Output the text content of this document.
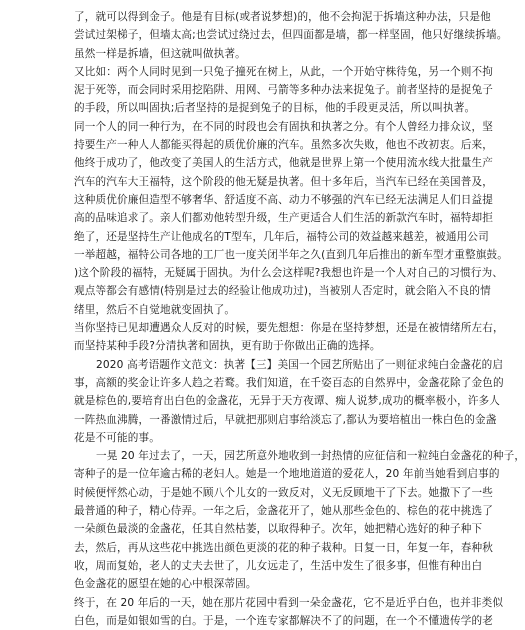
了，就可以得到金子。他是有目标(或者说梦想)的，他不会拘泥于拆墙这种办法，只是他
尝试过架梯子，但墙太高;也尝试过绕过去，但四面都是墙，都一样坚固，他只好继续拆墙。
虽然一样是拆墙，但这就叫做执著。
又比如：两个人同时见到一只兔子撞死在树上，从此，一个开始守株待兔，另一个则不拘
泥于死等，而会同时采用挖陷阱、用网、弓箭等多种办法来捉兔子。前者坚持的是捉兔子
的手段，所以叫固执;后者坚持的是捉到兔子的目标，他的手段更灵活，所以叫执著。
同一个人的同一种行为，在不同的时段也会有固执和执著之分。有个人曾经力排众议，坚
持要生产一种人人都能买得起的质优价廉的汽车。虽然多次失败，他也不改初衷。后来，
他终于成功了，他改变了美国人的生活方式，他就是世界上第一个使用流水线大批量生产
汽车的汽车大王福特，这个阶段的他无疑是执著。但十多年后，当汽车已经在美国普及，
这种质优价廉但造型不够奢华、舒适度不高、动力不够强的汽车已经无法满足人们日益提
高的品味追求了。亲人们都劝他转型升级，生产更适合人们生活的新款汽车时，福特却拒
绝了，还是坚持生产让他成名的T型车，几年后，福特公司的效益越来越差，被通用公司
一举超越，福特公司各地的工厂也一度关闭半年之久(直到几年后推出的新车型才重整旗鼓。
)这个阶段的福特，无疑属于固执。为什么会这样呢?我想也许是一个人对自己的习惯行为、
观点等都会有感情(特别是过去的经验让他成功过)，当被别人否定时，就会陷入不良的情
绪里，然后不自觉地就变固执了。
当你坚持已见却遭遇众人反对的时候，要先想想：你是在坚持梦想，还是在被情绪所左右，
而坚持某种手段?分清执著和固执，更有助于你做出正确的选择。
2020 高考语题作文范文：执著【三】美国一个园艺所贴出了一则征求纯白金盏花的启
事，高额的奖金让许多人趋之若鹜。我们知道，在千姿百态的自然界中，金盏花除了金色的
就是棕色的,要培育出白色的金盏花，无异于天方夜谭、痴人说梦,成功的概率极小，许多人
一阵热血沸腾，一番激情过后，早就把那则启事给淡忘了,都认为要培植出一株白色的金盏
花是不可能的事。
一晃 20 年过去了，一天，园艺所意外地收到一封热情的应征信和一粒纯白金盏花的种子，
寄种子的是一位年逾古稀的老妇人。她是一个地地道道的爱花人，20 年前当她看到启事的
时候便怦然心动，于是她不顾八个儿女的一致反对，义无反顾地干了下去。她撒下了一些
最普通的种子，精心侍弄。一年之后，金盏花开了，她从那些金色的、棕色的花中挑选了
一朵颜色最淡的金盏花，任其自然枯萎，以取得种子。次年，她把精心选好的种子种下
去，然后，再从这些花中挑选出颜色更淡的花的种子栽种。日复一日，年复一年，春种秋
收，周而复始，老人的丈夫去世了，儿女远走了，生活中发生了很多事，但惟有种出白
色金盏花的愿望在她的心中根深蒂固。
终于，在 20 年后的一天，她在那片花园中看到一朵金盏花，它不是近乎白色，也并非类似
白色，而是如银如雪的白。于是，一个连专家都解决不了的问题，在一个不懂遗传学的老
